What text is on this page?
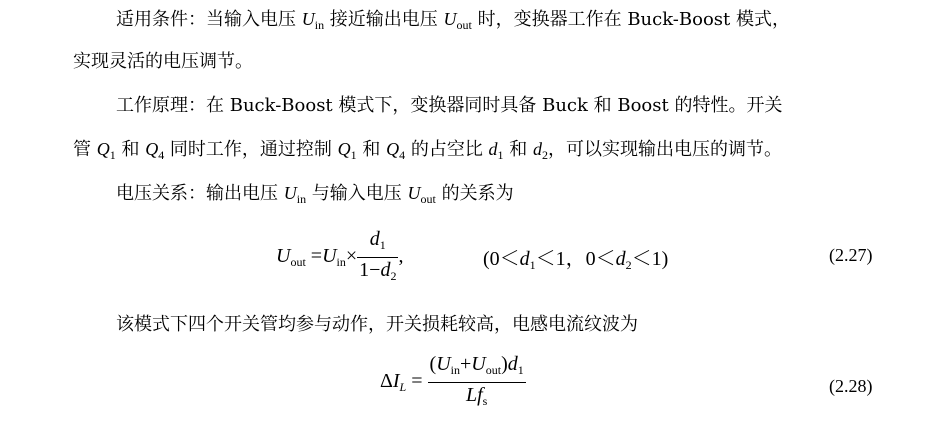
适用条件：当输入电压 $U_{in}$ 接近输出电压 $U_{out}$ 时，变换器工作在 Buck-Boost 模式，
实现灵活的电压调节。
工作原理：在 Buck-Boost 模式下，变换器同时具备 Buck 和 Boost 的特性。开关
管 $Q_1$ 和 $Q_4$ 同时工作，通过控制 $Q_1$ 和 $Q_4$ 的占空比 $d_1$ 和 $d_2$，可以实现输出电压的调节。
电压关系：输出电压 $U_{in}$ 与输入电压 $U_{out}$ 的关系为
$U_{out} =U_{in}\times \frac{d_1}{1-d_2}$ ,	($0<d_1<1$，$0<d_2<1$)	(2.27)
该模式下四个开关管均参与动作，开关损耗较高，电感电流纹波为
$\Delta I_L = \frac{(U_{in}+U_{out})d_1}{Lf_s}$	(2.28)
